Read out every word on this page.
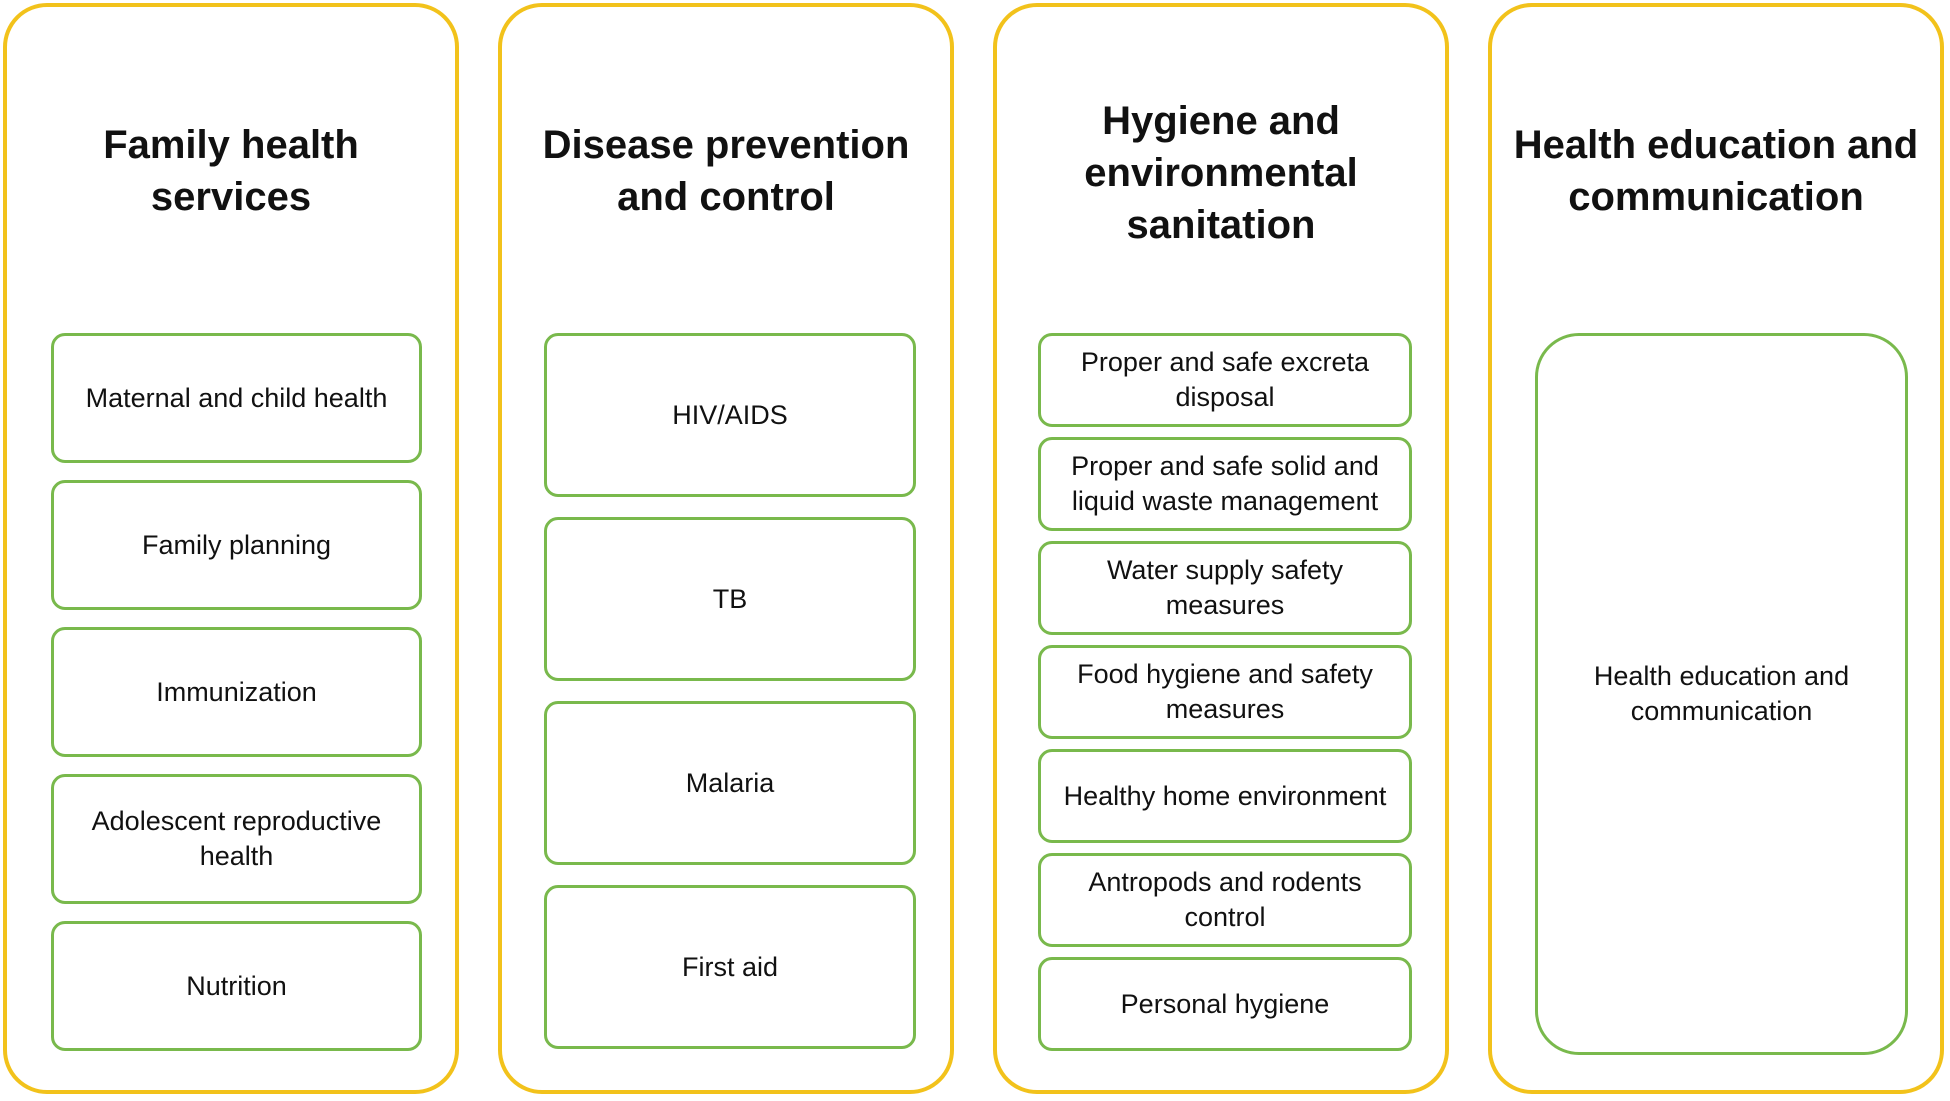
Family health services
Maternal and child health
Family planning
Immunization
Adolescent reproductive health
Nutrition
Disease prevention and control
HIV/AIDS
TB
Malaria
First aid
Hygiene and environmental sanitation
Proper and safe excreta disposal
Proper and safe solid and liquid waste management
Water supply safety measures
Food hygiene and safety measures
Healthy home environment
Antropods and rodents control
Personal hygiene
Health education and communication
Health education and communication
